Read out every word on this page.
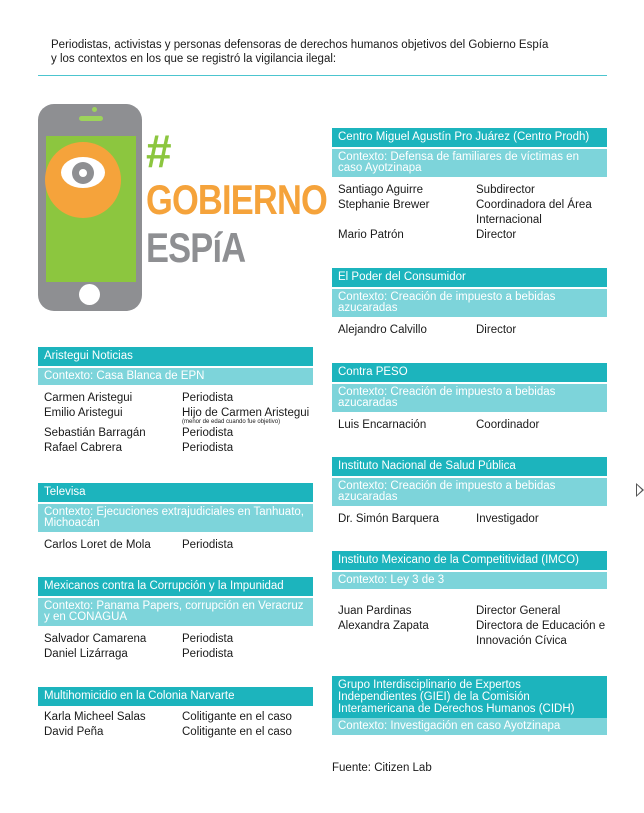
Periodistas, activistas y personas defensoras de derechos humanos objetivos del Gobierno Espía
y los contextos en los que se registró la vigilancia ilegal:
#
GOBIERNO
ESPíA
Aristegui Noticias
Contexto: Casa Blanca de EPN
Carmen Aristegui	Periodista
Emilio Aristegui	Hijo de Carmen Aristegui
(menor de edad cuando fue objetivo)
Sebastián Barragán	Periodista
Rafael Cabrera	Periodista
Televisa
Contexto: Ejecuciones extrajudiciales en Tanhuato, Michoacán
Carlos Loret de Mola	Periodista
Mexicanos contra la Corrupción y la Impunidad
Contexto: Panama Papers, corrupción en Veracruz y en CONAGUA
Salvador Camarena	Periodista
Daniel Lizárraga	Periodista
Multihomicidio en la Colonia Narvarte
Karla Micheel Salas	Colitigante en el caso
David Peña	Colitigante en el caso
Centro Miguel Agustín Pro Juárez (Centro Prodh)
Contexto: Defensa de familiares de víctimas en caso Ayotzinapa
Santiago Aguirre	Subdirector
Stephanie Brewer	Coordinadora del Área Internacional
Mario Patrón	Director
El Poder del Consumidor
Contexto: Creación de impuesto a bebidas azucaradas
Alejandro Calvillo	Director
Contra PESO
Contexto: Creación de impuesto a bebidas azucaradas
Luis Encarnación	Coordinador
Instituto Nacional de Salud Pública
Contexto: Creación de impuesto a bebidas azucaradas
Dr. Simón Barquera	Investigador
Instituto Mexicano de la Competitividad (IMCO)
Contexto: Ley 3 de 3
Juan Pardinas	Director General
Alexandra Zapata	Directora de Educación e Innovación Cívica
Grupo Interdisciplinario de Expertos Independientes (GIEI) de la Comisión Interamericana de Derechos Humanos (CIDH)
Contexto: Investigación en caso Ayotzinapa
Fuente: Citizen Lab
